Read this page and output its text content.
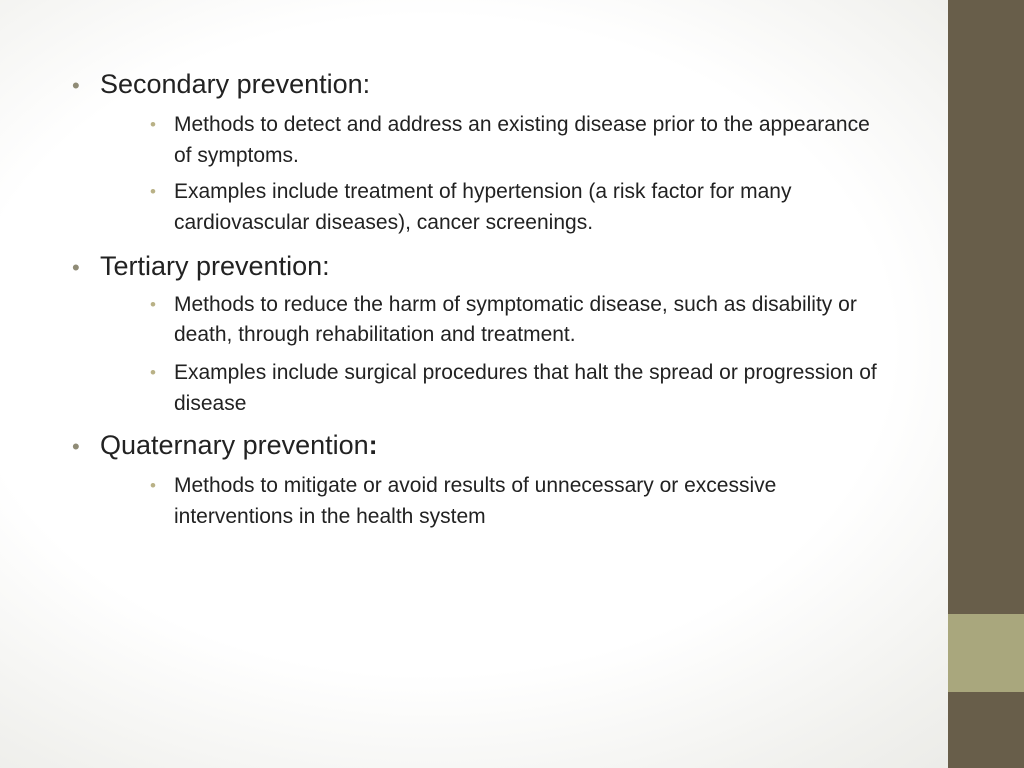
• Secondary prevention:
• Methods to detect and address an existing disease prior to the appearance
of symptoms.
• Examples include treatment of hypertension (a risk factor for many
cardiovascular diseases), cancer screenings.
• Tertiary prevention:
• Methods to reduce the harm of symptomatic disease, such as disability or
death, through rehabilitation and treatment.
• Examples include surgical procedures that halt the spread or progression of
disease
• Quaternary prevention:
• Methods to mitigate or avoid results of unnecessary or excessive
interventions in the health system
